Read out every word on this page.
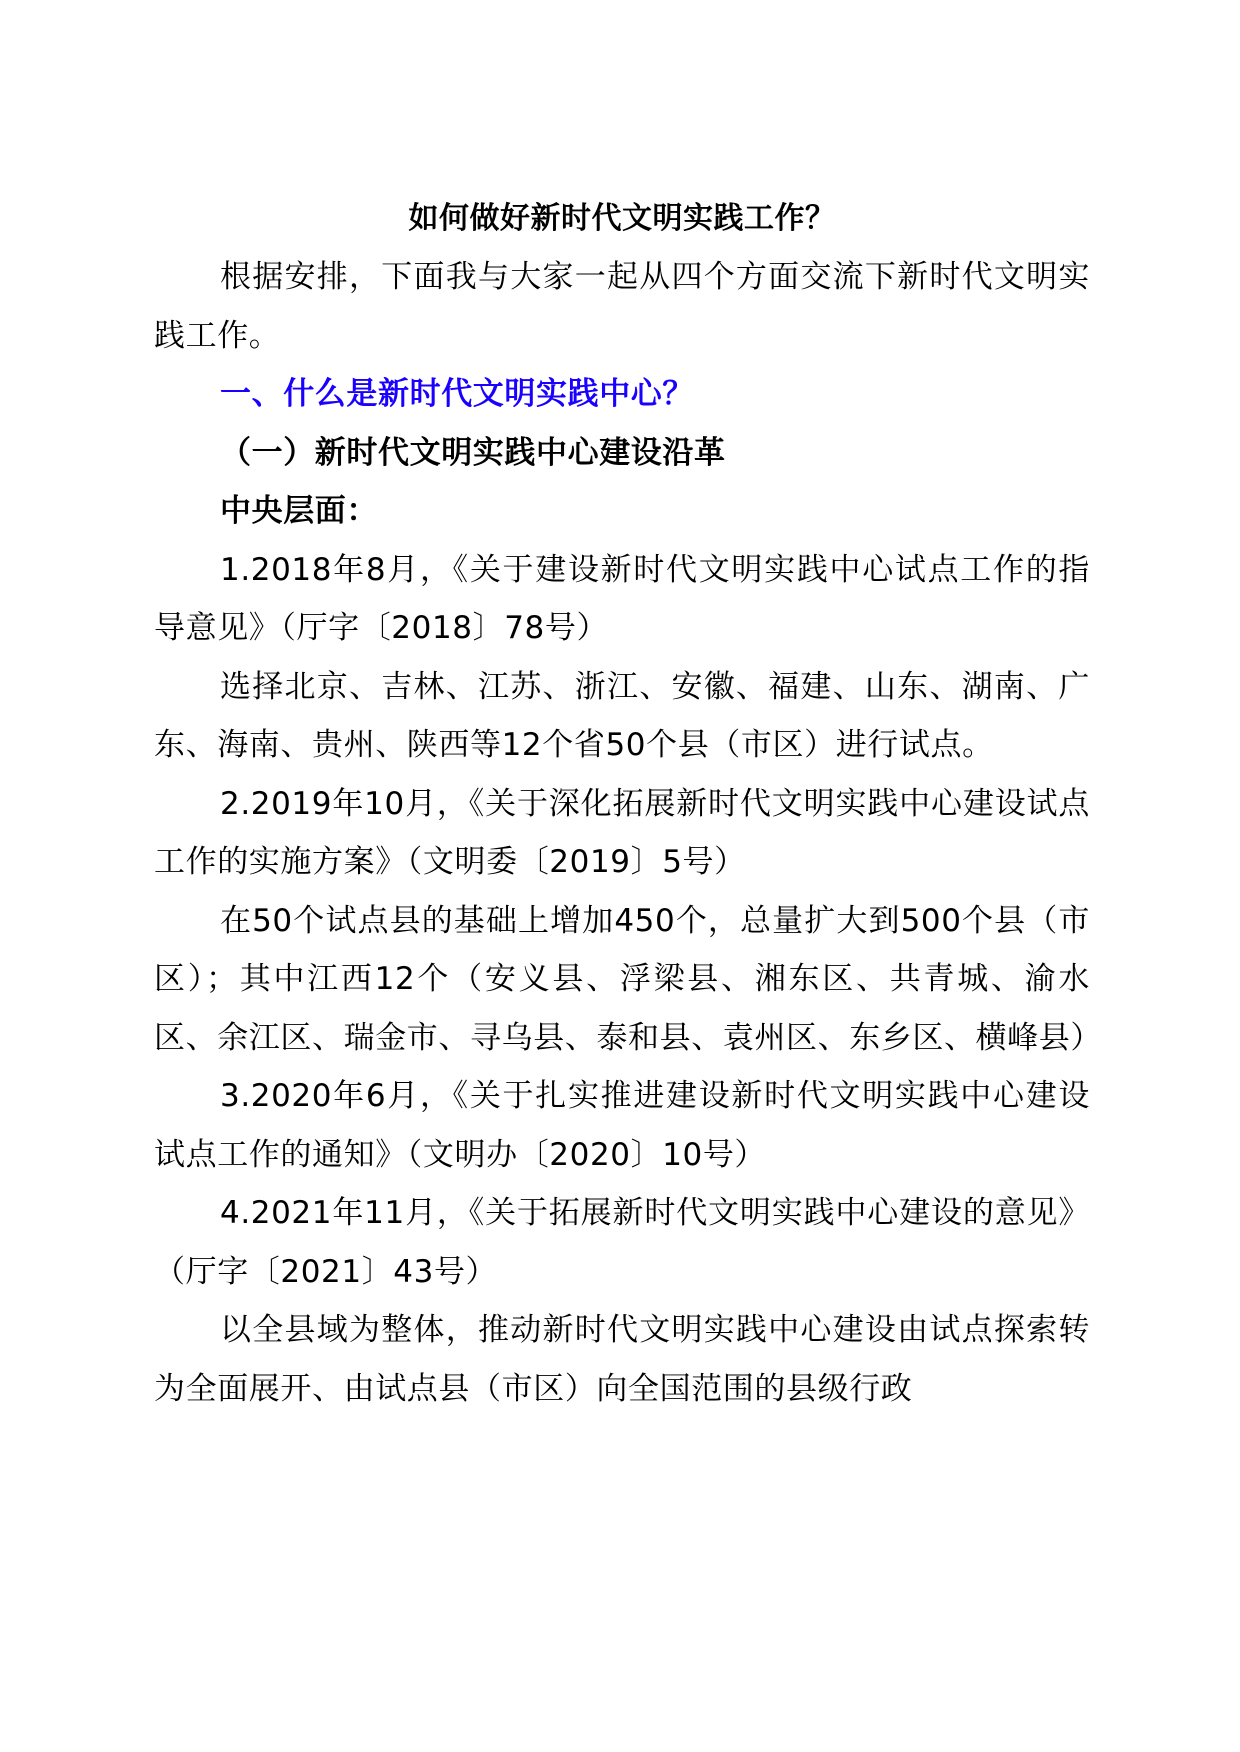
如何做好新时代文明实践工作？

根据安排，下面我与大家一起从四个方面交流下新时代文明实践工作。

一、什么是新时代文明实践中心？

（一）新时代文明实践中心建设沿革

中央层面：

1.2018年8月，《关于建设新时代文明实践中心试点工作的指导意见》（厅字〔2018〕78号）

选择北京、吉林、江苏、浙江、安徽、福建、山东、湖南、广东、海南、贵州、陕西等12个省50个县（市区）进行试点。

2.2019年10月，《关于深化拓展新时代文明实践中心建设试点工作的实施方案》（文明委〔2019〕5号）

在50个试点县的基础上增加450个，总量扩大到500个县（市区）；其中江西12个（安义县、浮梁县、湘东区、共青城、渝水区、余江区、瑞金市、寻乌县、泰和县、袁州区、东乡区、横峰县）

3.2020年6月，《关于扎实推进建设新时代文明实践中心建设试点工作的通知》（文明办〔2020〕10号）

4.2021年11月，《关于拓展新时代文明实践中心建设的意见》（厅字〔2021〕43号）

以全县域为整体，推动新时代文明实践中心建设由试点探索转为全面展开、由试点县（市区）向全国范围的县级行政
